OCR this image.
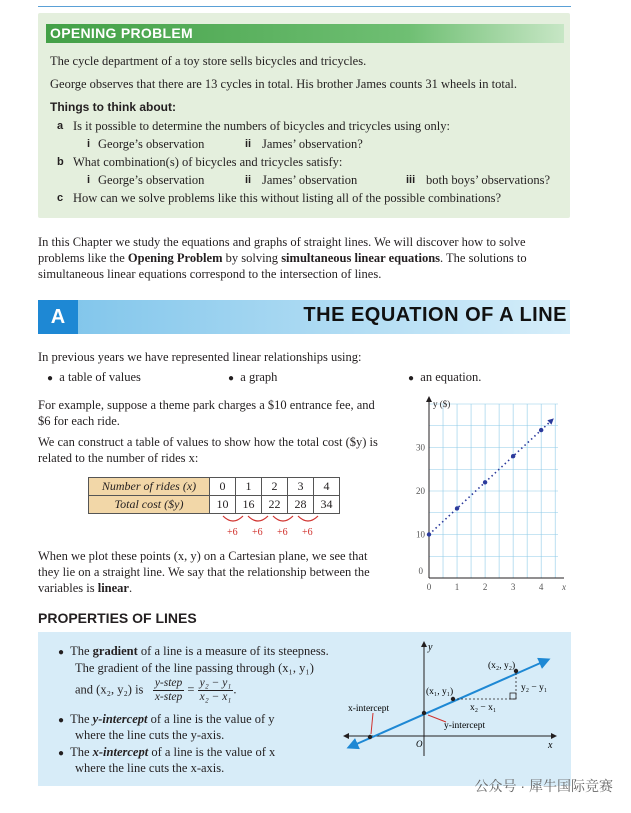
OPENING PROBLEM
The cycle department of a toy store sells bicycles and tricycles.
George observes that there are 13 cycles in total. His brother James counts 31 wheels in total.
Things to think about:
a Is it possible to determine the numbers of bicycles and tricycles using only:
i George’s observation	ii James’ observation?
b What combination(s) of bicycles and tricycles satisfy:
i George’s observation	ii James’ observation	iii both boys’ observations?
c How can we solve problems like this without listing all of the possible combinations?
In this Chapter we study the equations and graphs of straight lines. We will discover how to solve
problems like the Opening Problem by solving simultaneous linear equations. The solutions to
simultaneous linear equations correspond to the intersection of lines.
A	THE EQUATION OF A LINE
In previous years we have represented linear relationships using:
● a table of values	● a graph	● an equation.
For example, suppose a theme park charges a $10 entrance fee, and
$6 for each ride.
We can construct a table of values to show how the total cost ($y) is
related to the number of rides x:
Number of rides (x)	0	1	2	3	4
Total cost ($y)	10	16	22	28	34
+6 +6 +6 +6
When we plot these points (x, y) on a Cartesian plane, we see that
they lie on a straight line. We say that the relationship between the
variables is linear.	0	1	2	3	4
10
20
30
0
y ($)
x
PROPERTIES OF LINES
● The gradient of a line is a measure of its steepness.
The gradient of the line passing through (x₁, y₁)
and (x₂, y₂) is $\frac{\text{y-step}}{\text{x-step}} = \frac{\text{y₂ − y₁}}{\text{x₂ − x₁}}$ .
● The y-intercept of a line is the value of y
where the line cuts the y-axis.
● The x-intercept of a line is the value of x
where the line cuts the x-axis.
y
x
(x₂, y₂)
(x₁, y₁)	y₂ − y₁
x₂ − x₁
x-intercept
y-intercept
O
公众号 · 犀牛国际竞赛
